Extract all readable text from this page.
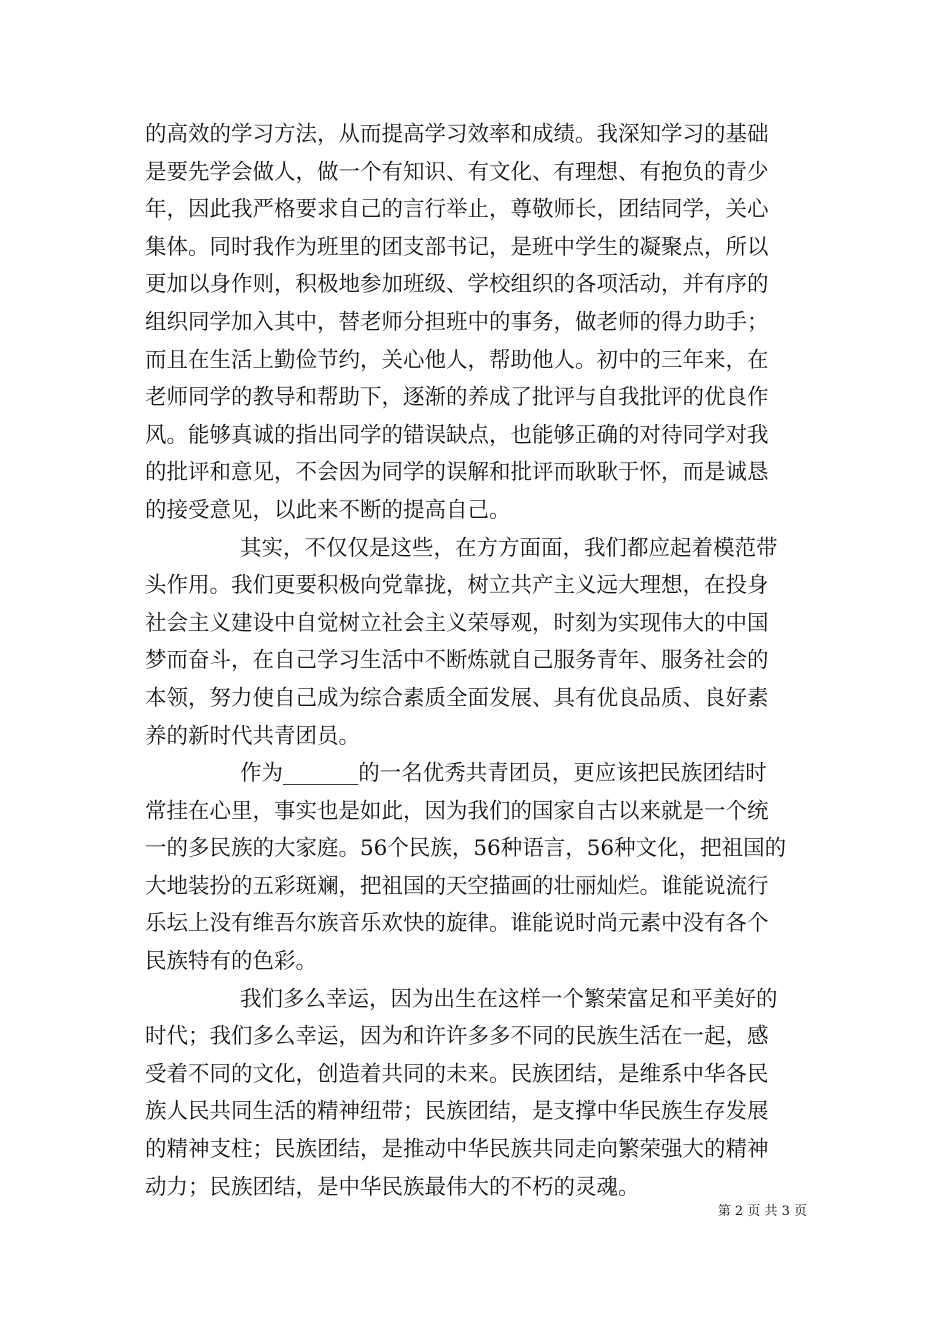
的高效的学习方法，从而提高学习效率和成绩。我深知学习的基础
是要先学会做人，做一个有知识、有文化、有理想、有抱负的青少
年，因此我严格要求自己的言行举止，尊敬师长，团结同学，关心
集体。同时我作为班里的团支部书记，是班中学生的凝聚点，所以
更加以身作则，积极地参加班级、学校组织的各项活动，并有序的
组织同学加入其中，替老师分担班中的事务，做老师的得力助手；
而且在生活上勤俭节约，关心他人，帮助他人。初中的三年来，在
老师同学的教导和帮助下，逐渐的养成了批评与自我批评的优良作
风。能够真诚的指出同学的错误缺点，也能够正确的对待同学对我
的批评和意见，不会因为同学的误解和批评而耿耿于怀，而是诚恳
的接受意见，以此来不断的提高自己。
其实，不仅仅是这些，在方方面面，我们都应起着模范带
头作用。我们更要积极向党靠拢，树立共产主义远大理想，在投身
社会主义建设中自觉树立社会主义荣辱观，时刻为实现伟大的中国
梦而奋斗，在自己学习生活中不断炼就自己服务青年、服务社会的
本领，努力使自己成为综合素质全面发展、具有优良品质、良好素
养的新时代共青团员。
作为_______的一名优秀共青团员，更应该把民族团结时
常挂在心里，事实也是如此，因为我们的国家自古以来就是一个统
一的多民族的大家庭。56个民族，56种语言，56种文化，把祖国的
大地装扮的五彩斑斓，把祖国的天空描画的壮丽灿烂。谁能说流行
乐坛上没有维吾尔族音乐欢快的旋律。谁能说时尚元素中没有各个
民族特有的色彩。
我们多么幸运，因为出生在这样一个繁荣富足和平美好的
时代；我们多么幸运，因为和许许多多不同的民族生活在一起，感
受着不同的文化，创造着共同的未来。民族团结，是维系中华各民
族人民共同生活的精神纽带；民族团结，是支撑中华民族生存发展
的精神支柱；民族团结，是推动中华民族共同走向繁荣强大的精神
动力；民族团结，是中华民族最伟大的不朽的灵魂。
第 2 页 共 3 页
